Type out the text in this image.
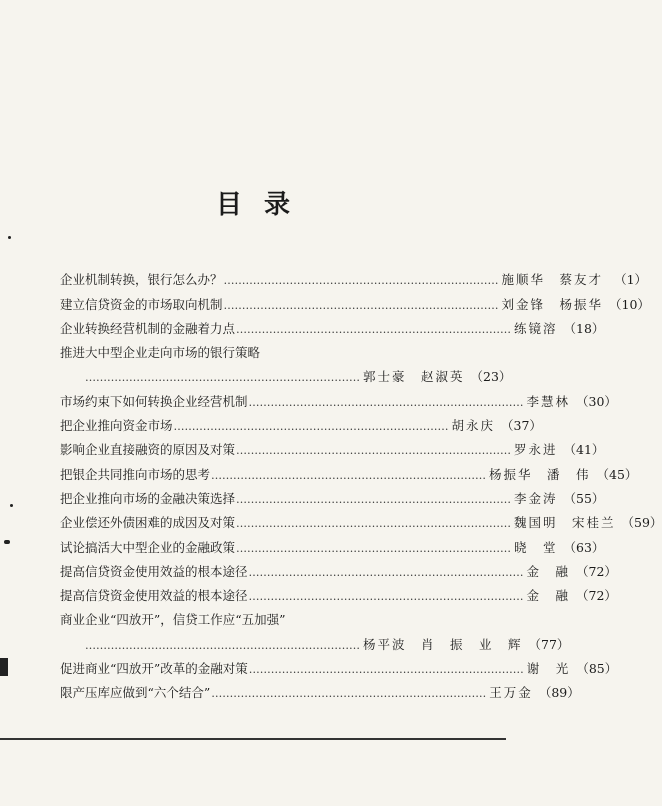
目录
企业机制转换，银行怎么办？ ………………………………………………………………… 施顺华　蔡友才 （1）
建立信贷资金的市场取向机制 ………………………………………………………………… 刘金锋　杨振华 （10）
企业转换经营机制的金融着力点 ………………………………………………………………… 练镜溶 （18）
推进大中型企业走向市场的银行策略
………………………………………………………………… 郭士豪　赵淑英 （23）
市场约束下如何转换企业经营机制 ………………………………………………………………… 李慧林 （30）
把企业推向资金市场 ………………………………………………………………… 胡永庆 （37）
影响企业直接融资的原因及对策 ………………………………………………………………… 罗永进 （41）
把银企共同推向市场的思考 ………………………………………………………………… 杨振华　潘　伟 （45）
把企业推向市场的金融决策选择 ………………………………………………………………… 李金涛 （55）
企业偿还外债困难的成因及对策 ………………………………………………………………… 魏国明　宋桂兰 （59）
试论搞活大中型企业的金融政策 ………………………………………………………………… 晓　堂 （63）
提高信贷资金使用效益的根本途径 ………………………………………………………………… 金　融 （72）
提高信贷资金使用效益的根本途径 ………………………………………………………………… 金　融 （72）
商业企业“四放开”，信贷工作应“五加强”
………………………………………………………………… 杨平波　肖　振　业　辉 （77）
促进商业“四放开”改革的金融对策 ………………………………………………………………… 谢　光 （85）
限产压库应做到“六个结合” ………………………………………………………………… 王万金 （89）
